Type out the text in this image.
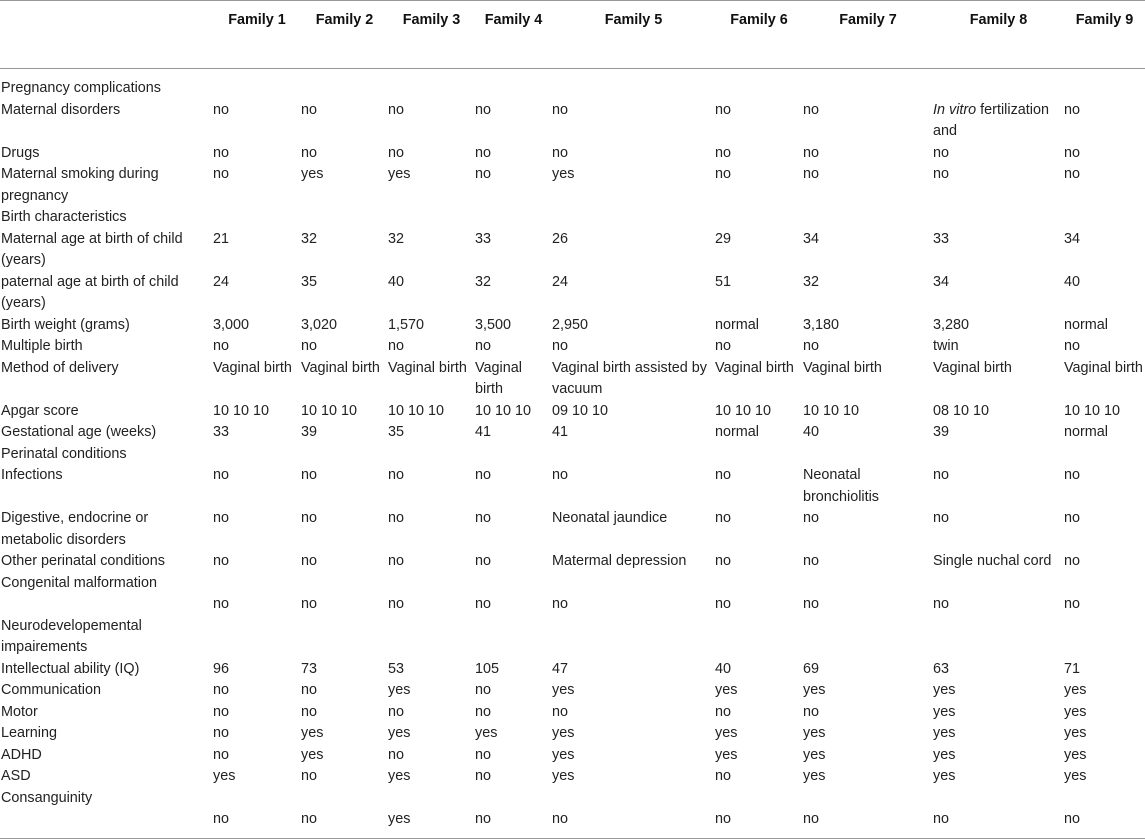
	Family 1	Family 2	Family 3	Family 4	Family 5	Family 6	Family 7	Family 8	Family 9
Pregnancy complications									
Maternal disorders	no	no	no	no	no	no	no	In vitro fertilization and	no
Drugs	no	no	no	no	no	no	no	no	no
Maternal smoking during pregnancy	no	yes	yes	no	yes	no	no	no	no
Birth characteristics									
Maternal age at birth of child (years)	21	32	32	33	26	29	34	33	34
paternal age at birth of child (years)	24	35	40	32	24	51	32	34	40
Birth weight (grams)	3,000	3,020	1,570	3,500	2,950	normal	3,180	3,280	normal
Multiple birth	no	no	no	no	no	no	no	twin	no
Method of delivery	Vaginal birth	Vaginal birth	Vaginal birth	Vaginal birth	Vaginal birth assisted by vacuum	Vaginal birth	Vaginal birth	Vaginal birth	Vaginal birth
Apgar score	10 10 10	10 10 10	10 10 10	10 10 10	09 10 10	10 10 10	10 10 10	08 10 10	10 10 10
Gestational age (weeks)	33	39	35	41	41	normal	40	39	normal
Perinatal conditions									
Infections	no	no	no	no	no	no	Neonatal bronchiolitis	no	no
Digestive, endocrine or metabolic disorders	no	no	no	no	Neonatal jaundice	no	no	no	no
Other perinatal conditions	no	no	no	no	Matermal depression	no	no	Single nuchal cord	no
Congenital malformation									
	no	no	no	no	no	no	no	no	no
Neurodevelopemental impairements									
Intellectual ability (IQ)	96	73	53	105	47	40	69	63	71
Communication	no	no	yes	no	yes	yes	yes	yes	yes
Motor	no	no	no	no	no	no	no	yes	yes
Learning	no	yes	yes	yes	yes	yes	yes	yes	yes
ADHD	no	yes	no	no	yes	yes	yes	yes	yes
ASD	yes	no	yes	no	yes	no	yes	yes	yes
Consanguinity									
	no	no	yes	no	no	no	no	no	no
